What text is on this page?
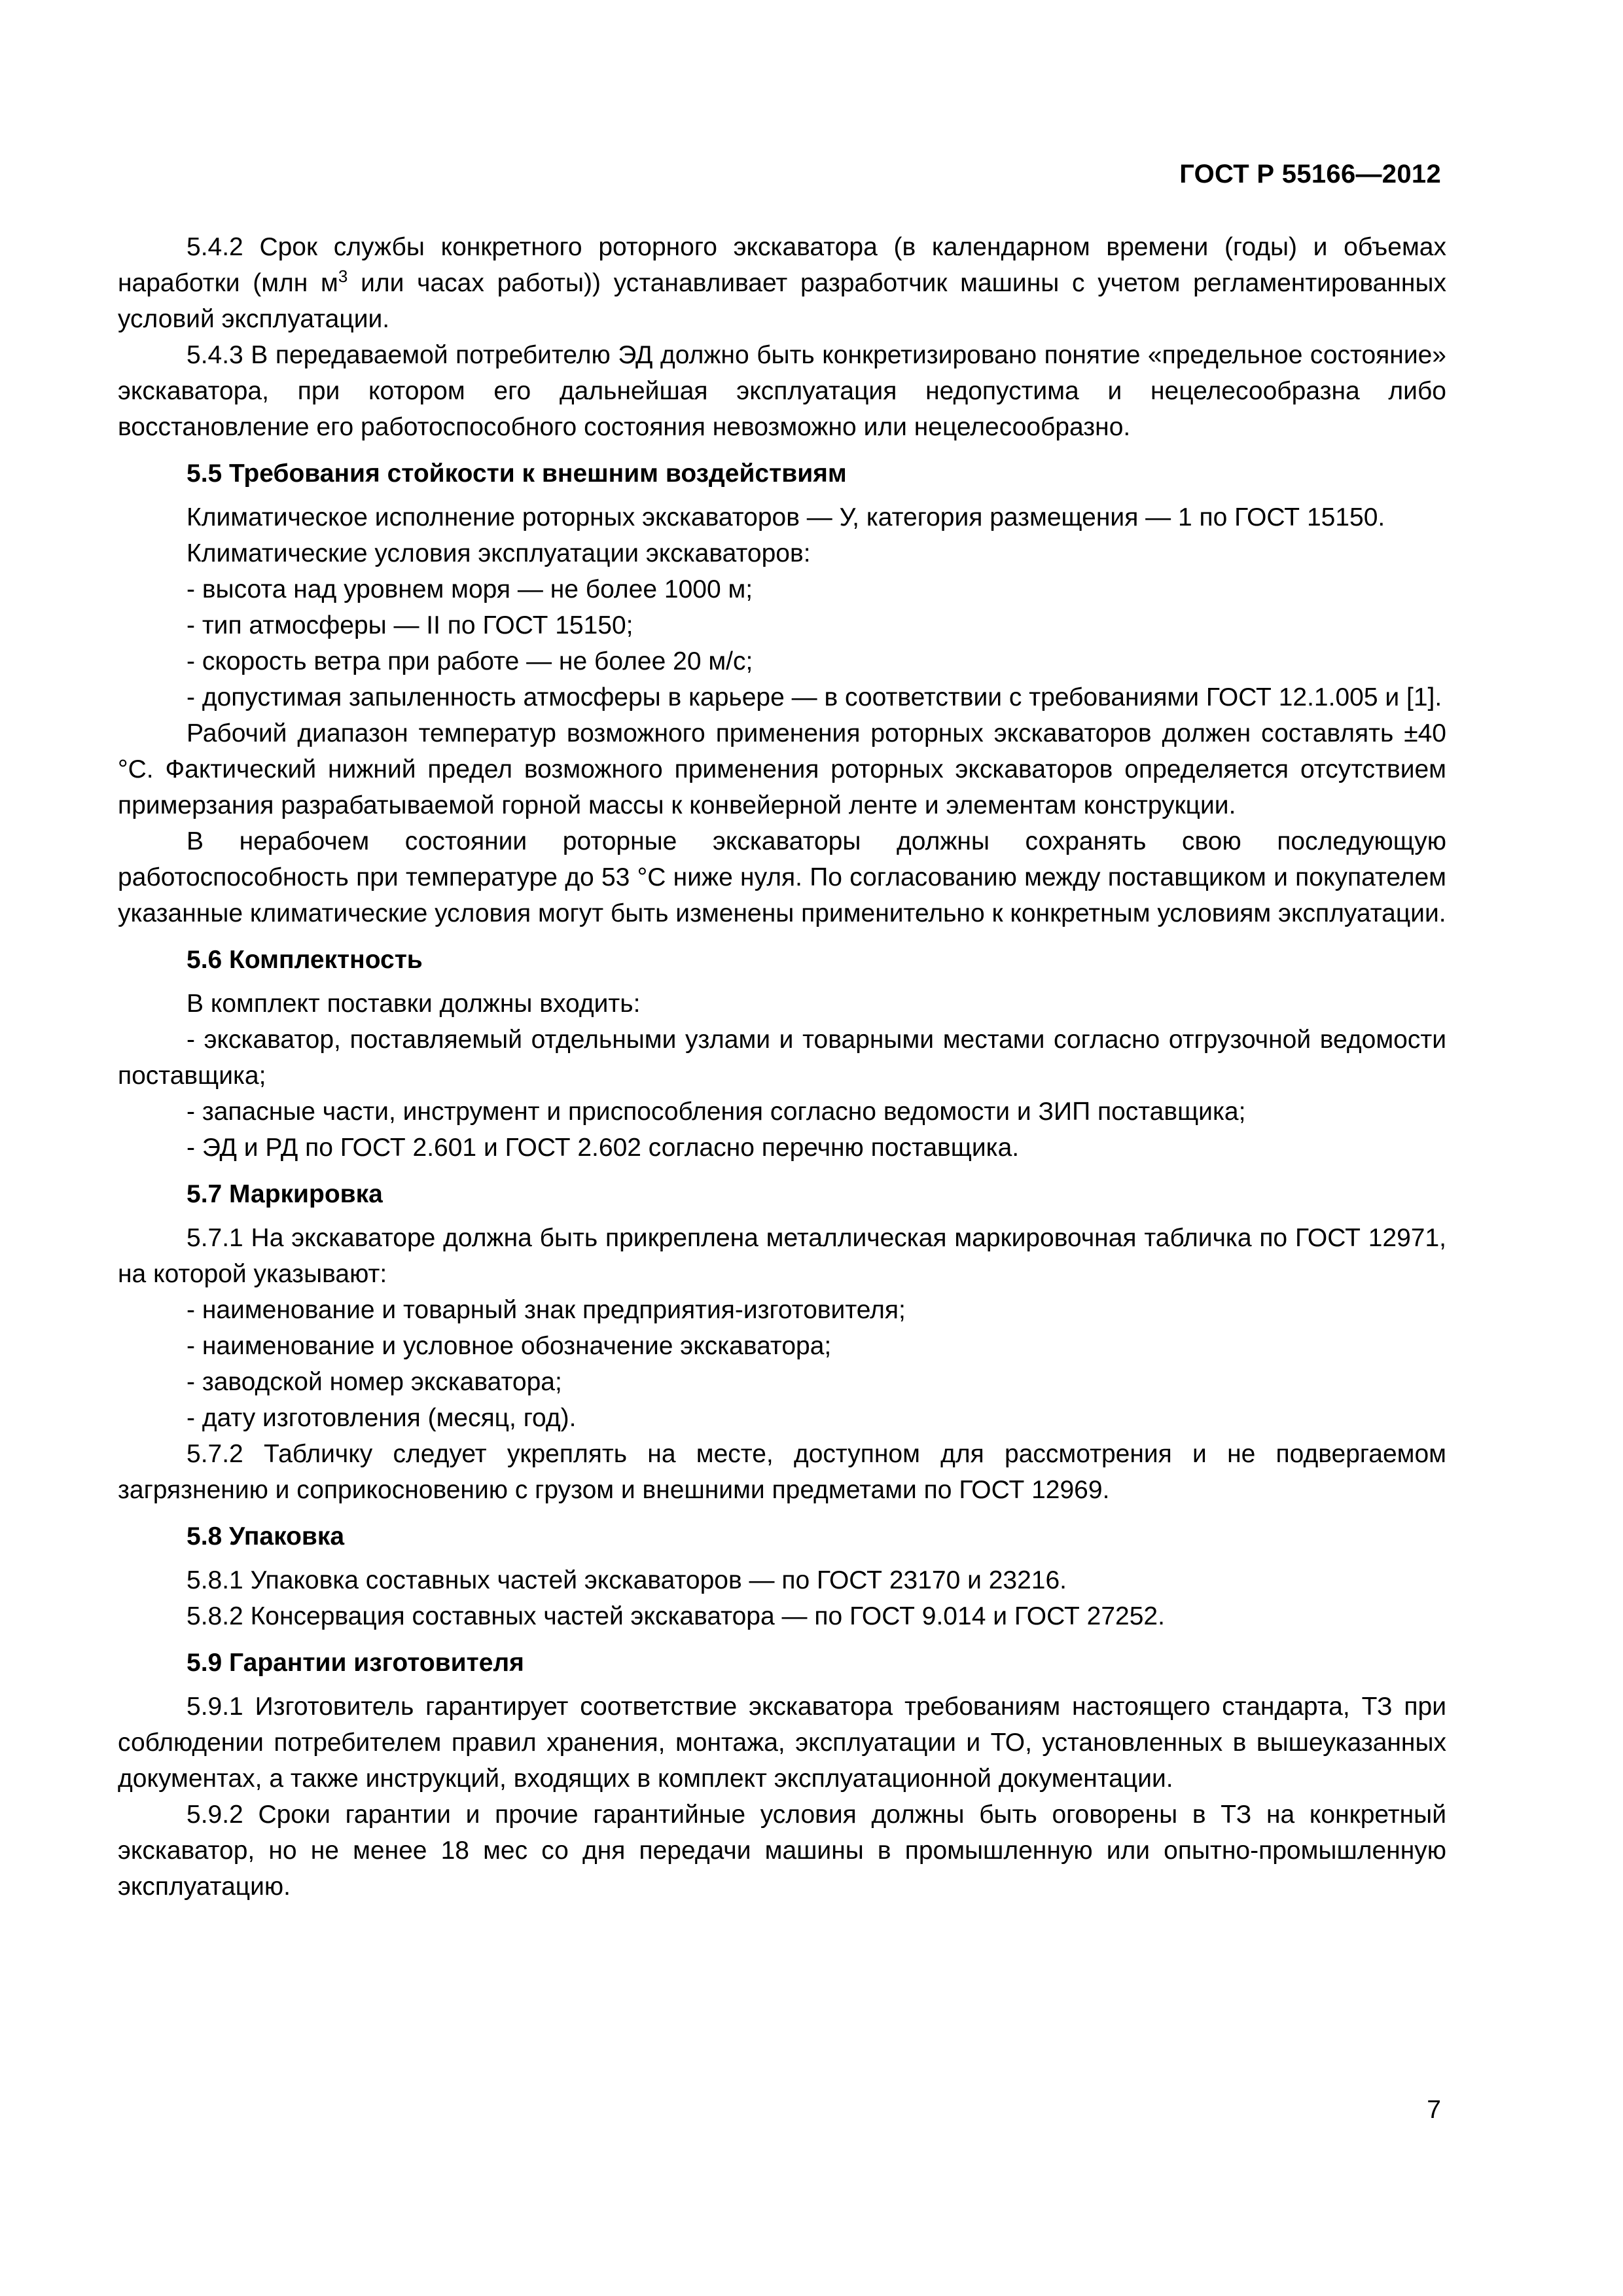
ГОСТ Р 55166—2012

5.4.2 Срок службы конкретного роторного экскаватора (в календарном времени (годы) и объемах наработки (млн $м^3$ или часах работы)) устанавливает разработчик машины с учетом регламентированных условий эксплуатации.

5.4.3 В передаваемой потребителю ЭД должно быть конкретизировано понятие «предельное состояние» экскаватора, при котором его дальнейшая эксплуатация недопустима и нецелесообразна либо восстановление его работоспособного состояния невозможно или нецелесообразно.

5.5 Требования стойкости к внешним воздействиям

Климатическое исполнение роторных экскаваторов — У, категория размещения — 1 по ГОСТ 15150.

Климатические условия эксплуатации экскаваторов:

- высота над уровнем моря — не более 1000 м;

- тип атмосферы — II по ГОСТ 15150;

- скорость ветра при работе — не более 20 м/с;

- допустимая запыленность атмосферы в карьере — в соответствии с требованиями ГОСТ 12.1.005 и [1].

Рабочий диапазон температур возможного применения роторных экскаваторов должен составлять ±40 °С. Фактический нижний предел возможного применения роторных экскаваторов определяется отсутствием примерзания разрабатываемой горной массы к конвейерной ленте и элементам конструкции.

В нерабочем состоянии роторные экскаваторы должны сохранять свою последующую работоспособность при температуре до 53 °С ниже нуля. По согласованию между поставщиком и покупателем указанные климатические условия могут быть изменены применительно к конкретным условиям эксплуатации.

5.6 Комплектность

В комплект поставки должны входить:

- экскаватор, поставляемый отдельными узлами и товарными местами согласно отгрузочной ведомости поставщика;

- запасные части, инструмент и приспособления согласно ведомости и ЗИП поставщика;

- ЭД и РД по ГОСТ 2.601 и ГОСТ 2.602 согласно перечню поставщика.

5.7 Маркировка

5.7.1 На экскаваторе должна быть прикреплена металлическая маркировочная табличка по ГОСТ 12971, на которой указывают:

- наименование и товарный знак предприятия-изготовителя;

- наименование и условное обозначение экскаватора;

- заводской номер экскаватора;

- дату изготовления (месяц, год).

5.7.2 Табличку следует укреплять на месте, доступном для рассмотрения и не подвергаемом загрязнению и соприкосновению с грузом и внешними предметами по ГОСТ 12969.

5.8 Упаковка

5.8.1 Упаковка составных частей экскаваторов — по ГОСТ 23170 и 23216.

5.8.2 Консервация составных частей экскаватора — по ГОСТ 9.014 и ГОСТ 27252.

5.9 Гарантии изготовителя

5.9.1 Изготовитель гарантирует соответствие экскаватора требованиям настоящего стандарта, ТЗ при соблюдении потребителем правил хранения, монтажа, эксплуатации и ТО, установленных в вышеуказанных документах, а также инструкций, входящих в комплект эксплуатационной документации.

5.9.2 Сроки гарантии и прочие гарантийные условия должны быть оговорены в ТЗ на конкретный экскаватор, но не менее 18 мес со дня передачи машины в промышленную или опытно-промышленную эксплуатацию.

7
